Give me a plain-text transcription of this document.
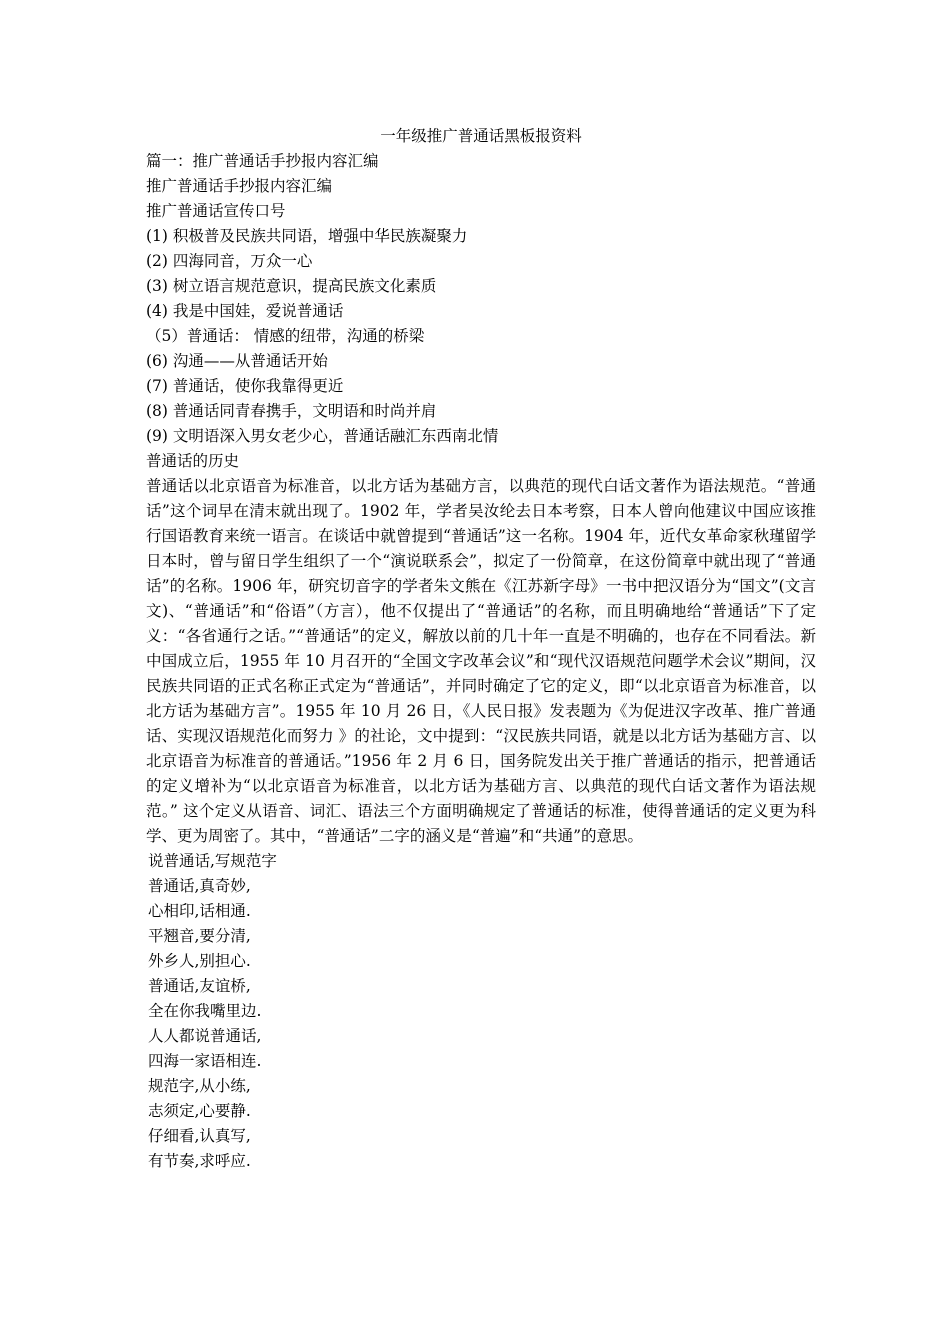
一年级推广普通话黑板报资料

篇一：推广普通话手抄报内容汇编

推广普通话手抄报内容汇编

推广普通话宣传口号

(1) 积极普及民族共同语，增强中华民族凝聚力

(2) 四海同音，万众一心

(3) 树立语言规范意识，提高民族文化素质

(4) 我是中国娃，爱说普通话

（5）普通话： 情感的纽带，沟通的桥梁

(6) 沟通——从普通话开始

(7) 普通话，使你我靠得更近

(8) 普通话同青春携手，文明语和时尚并肩

(9) 文明语深入男女老少心，普通话融汇东西南北情

普通话的历史

普通话以北京语音为标准音，以北方话为基础方言，以典范的现代白话文著作为语法规范。“普通话”这个词早在清末就出现了。1902 年，学者吴汝纶去日本考察，日本人曾向他建议中国应该推行国语教育来统一语言。在谈话中就曾提到“普通话”这一名称。1904 年，近代女革命家秋瑾留学日本时，曾与留日学生组织了一个“演说联系会”，拟定了一份简章，在这份简章中就出现了“普通话”的名称。1906 年，研究切音字的学者朱文熊在《江苏新字母》一书中把汉语分为“国文”(文言文)、“普通话”和“俗语”（方言），他不仅提出了“普通话”的名称，而且明确地给“普通话”下了定义：“各省通行之话。”“普通话”的定义，解放以前的几十年一直是不明确的，也存在不同看法。新中国成立后，1955 年 10 月召开的“全国文字改革会议”和“现代汉语规范问题学术会议”期间，汉民族共同语的正式名称正式定为“普通话”，并同时确定了它的定义，即“以北京语音为标准音，以北方话为基础方言”。1955 年 10 月 26 日，《人民日报》发表题为《为促进汉字改革、推广普通话、实现汉语规范化而努力 》的社论，文中提到：“汉民族共同语，就是以北方话为基础方言、以北京语音为标准音的普通话。”1956 年 2 月 6 日，国务院发出关于推广普通话的指示，把普通话的定义增补为“以北京语音为标准音，以北方话为基础方言、以典范的现代白话文著作为语法规范。” 这个定义从语音、词汇、语法三个方面明确规定了普通话的标准，使得普通话的定义更为科学、更为周密了。其中，“普通话”二字的涵义是“普遍”和“共通”的意思。

说普通话,写规范字

普通话,真奇妙,

心相印,话相通.

平翘音,要分清,

外乡人,别担心.

普通话,友谊桥,

全在你我嘴里边.

人人都说普通话,

四海一家语相连.

规范字,从小练,

志须定,心要静.

仔细看,认真写,

有节奏,求呼应.
